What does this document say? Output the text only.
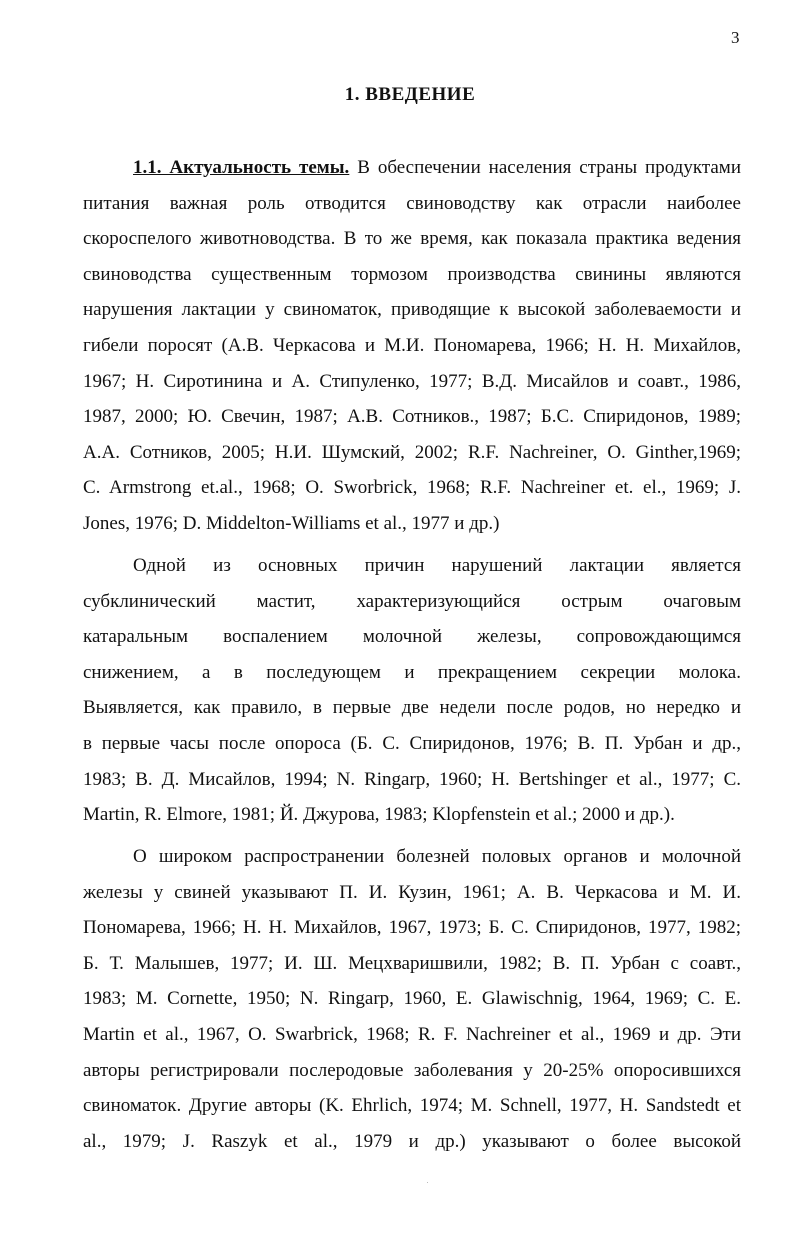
3
1. ВВЕДЕНИЕ
1.1. Актуальность темы. В обеспечении населения страны продуктами
питания важная роль отводится свиноводству как отрасли наиболее
скороспелого животноводства. В то же время, как показала практика ведения
свиноводства существенным тормозом производства свинины являются
нарушения лактации у свиноматок, приводящие к высокой заболеваемости и
гибели поросят (А.В. Черкасова и М.И. Пономарева, 1966; Н. Н. Михайлов,
1967; Н. Сиротинина и А. Стипуленко, 1977; В.Д. Мисайлов и соавт., 1986,
1987, 2000; Ю. Свечин, 1987; А.В. Сотников., 1987; Б.С. Спиридонов, 1989;
А.А. Сотников, 2005; Н.И. Шумский, 2002; R.F. Nachreiner, O. Ginther,1969;
C. Armstrong et.al., 1968; O. Sworbrick, 1968; R.F. Nachreiner et. el., 1969; J.
Jones, 1976; D. Middelton-Williams et al., 1977 и др.)
Одной из основных причин нарушений лактации является
субклинический мастит, характеризующийся острым очаговым
катаральным воспалением молочной железы, сопровождающимся
снижением, а в последующем и прекращением секреции молока.
Выявляется, как правило, в первые две недели после родов, но нередко и
в первые часы после опороса (Б. С. Спиридонов, 1976; В. П. Урбан и др.,
1983; В. Д. Мисайлов, 1994; N. Ringarp, 1960; H. Bertshinger et al., 1977; C.
Martin, R. Elmore, 1981; Й. Джурова, 1983; Klopfenstein et al.; 2000 и др.).
О широком распространении болезней половых органов и молочной
железы у свиней указывают П. И. Кузин, 1961; А. В. Черкасова и М. И.
Пономарева, 1966; Н. Н. Михайлов, 1967, 1973; Б. С. Спиридонов, 1977, 1982;
Б. Т. Малышев, 1977; И. Ш. Мецхваришвили, 1982; В. П. Урбан с соавт.,
1983; M. Cornette, 1950; N. Ringarp, 1960, E. Glawischnig, 1964, 1969; C. E.
Martin et al., 1967, O. Swarbrick, 1968; R. F. Nachreiner et al., 1969 и др. Эти
авторы регистрировали послеродовые заболевания у 20-25% опоросившихся
свиноматок. Другие авторы (K. Ehrlich, 1974; M. Schnell, 1977, H. Sandstedt et
al., 1979; J. Raszyk et al., 1979 и др.) указывают о более высокой
